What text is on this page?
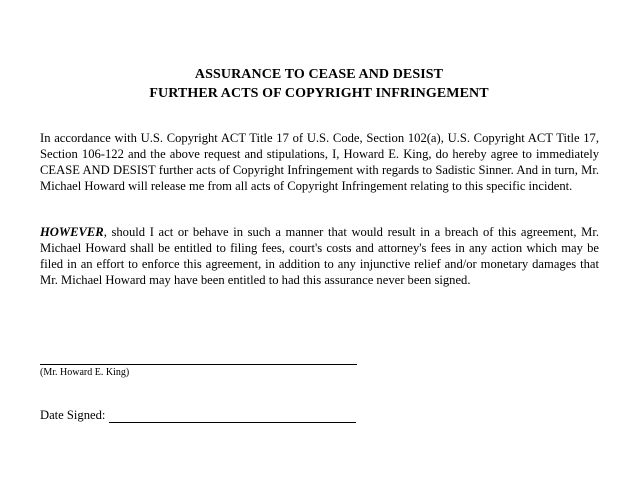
ASSURANCE TO CEASE AND DESIST
FURTHER ACTS OF COPYRIGHT INFRINGEMENT
In accordance with U.S. Copyright ACT Title 17 of U.S. Code, Section 102(a), U.S. Copyright ACT Title 17, Section 106-122 and the above request and stipulations, I, Howard E. King, do hereby agree to immediately CEASE AND DESIST further acts of Copyright Infringement with regards to Sadistic Sinner. And in turn, Mr. Michael Howard will release me from all acts of Copyright Infringement relating to this specific incident.
HOWEVER, should I act or behave in such a manner that would result in a breach of this agreement, Mr. Michael Howard shall be entitled to filing fees, court's costs and attorney's fees in any action which may be filed in an effort to enforce this agreement, in addition to any injunctive relief and/or monetary damages that Mr. Michael Howard may have been entitled to had this assurance never been signed.
(Mr. Howard E. King)
Date Signed:
